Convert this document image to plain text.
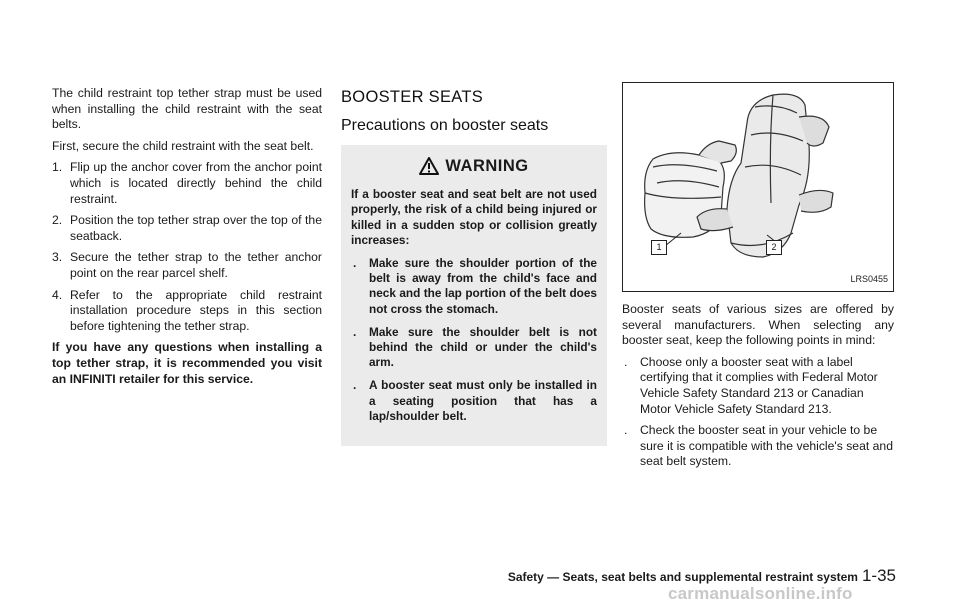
The child restraint top tether strap must be used when installing the child restraint with the seat belts.

First, secure the child restraint with the seat belt.

1. Flip up the anchor cover from the anchor point which is located directly behind the child restraint.
2. Position the top tether strap over the top of the seatback.
3. Secure the tether strap to the tether anchor point on the rear parcel shelf.
4. Refer to the appropriate child restraint installation procedure steps in this section before tightening the tether strap.

If you have any questions when installing a top tether strap, it is recommended you visit an INFINITI retailer for this service.

BOOSTER SEATS
Precautions on booster seats
WARNING

If a booster seat and seat belt are not used properly, the risk of a child being injured or killed in a sudden stop or collision greatly increases:

. Make sure the shoulder portion of the belt is away from the child's face and neck and the lap portion of the belt does not cross the stomach.
. Make sure the shoulder belt is not behind the child or under the child's arm.
. A booster seat must only be installed in a seating position that has a lap/shoulder belt.
1	2
LRS0455

Booster seats of various sizes are offered by several manufacturers. When selecting any booster seat, keep the following points in mind:

. Choose only a booster seat with a label certifying that it complies with Federal Motor Vehicle Safety Standard 213 or Canadian Motor Vehicle Safety Standard 213.
. Check the booster seat in your vehicle to be sure it is compatible with the vehicle's seat and seat belt system.
Safety — Seats, seat belts and supplemental restraint system 1-35
carmanualsonline.info
